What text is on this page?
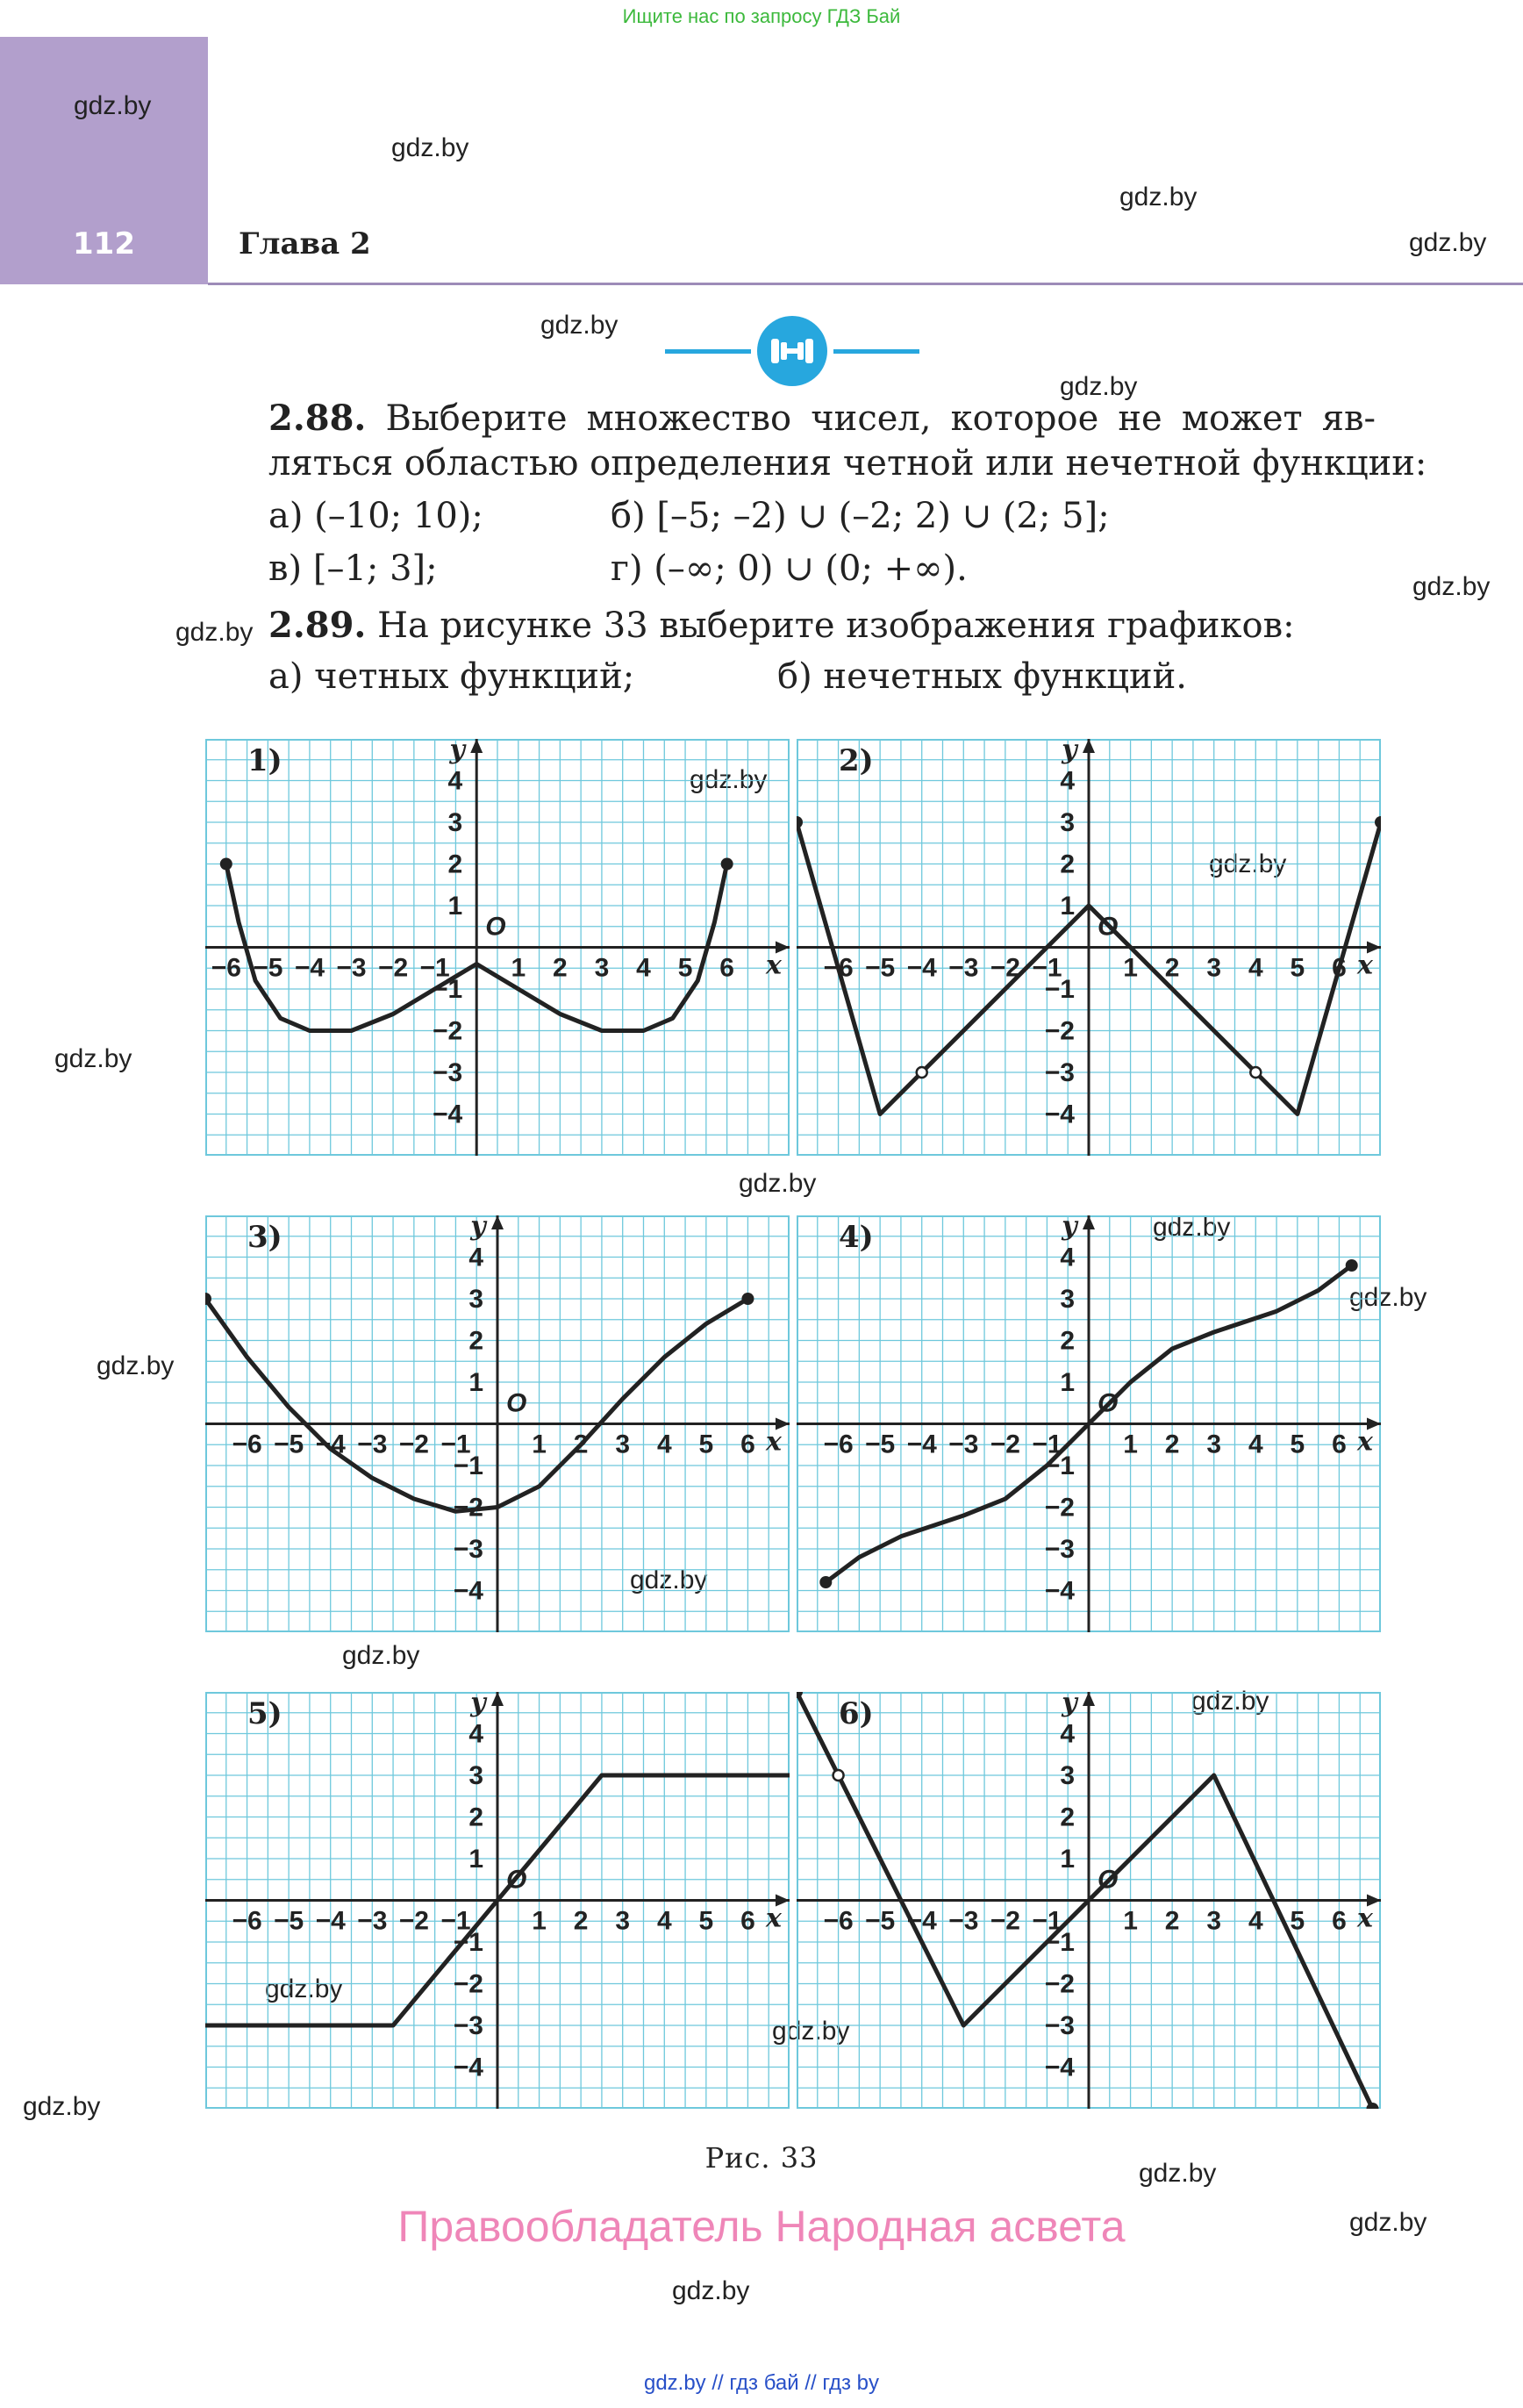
Ищите нас по запросу ГДЗ Бай
112	Глава 2
gdz.by
gdz.by
gdz.by
gdz.by
gdz.by
gdz.by
gdz.by
gdz.by
gdz.by
gdz.by
gdz.by
gdz.by
gdz.by
gdz.by
gdz.by
gdz.by
gdz.by
gdz.by
gdz.by
gdz.by
gdz.by
gdz.by
gdz.by
gdz.by
2.88. Выберите множество чисел, которое не может яв-
ляться областью определения четной или нечетной функции:
а) (–10; 10);	б) [–5; –2) ∪ (–2; 2) ∪ (2; 5];
в) [–1; 3];	г) (–∞; 0) ∪ (0; +∞).
2.89. На рисунке 33 выберите изображения графиков:
а) четных функций;	б) нечетных функций.
−6 −5 −4 −3 −2 −1 1 2 3 4 5 6
−4
−3
−2
−1
1
2
3
4
O
x
y
1)
−6 −5 −4 −3 −2 −1 1 2 3 4 5 6
−4
−3
−2
−1
1
2
3
4
O
x
y
2)
−6 −5 −4 −3 −2 −1 1 2 3 4 5 6
−4
−3
−2
−1
1
2
3
4
O
x
y
3)
−6 −5 −4 −3 −2 −1 1 2 3 4 5 6
−4
−3
−2
−1
1
2
3
4
O
x
y
4)
−6 −5 −4 −3 −2 −1 1 2 3 4 5 6
−4
−3
−2
−1
1
2
3
4
O
x
y
5)
−6 −5 −4 −3 −2 −1 1 2 3 4 5 6
−4
−3
−2
−1
1
2
3
4
O
x
y
6)
Рис. 33
Правообладатель Народная асвета
gdz.by // гдз бай // гдз by
